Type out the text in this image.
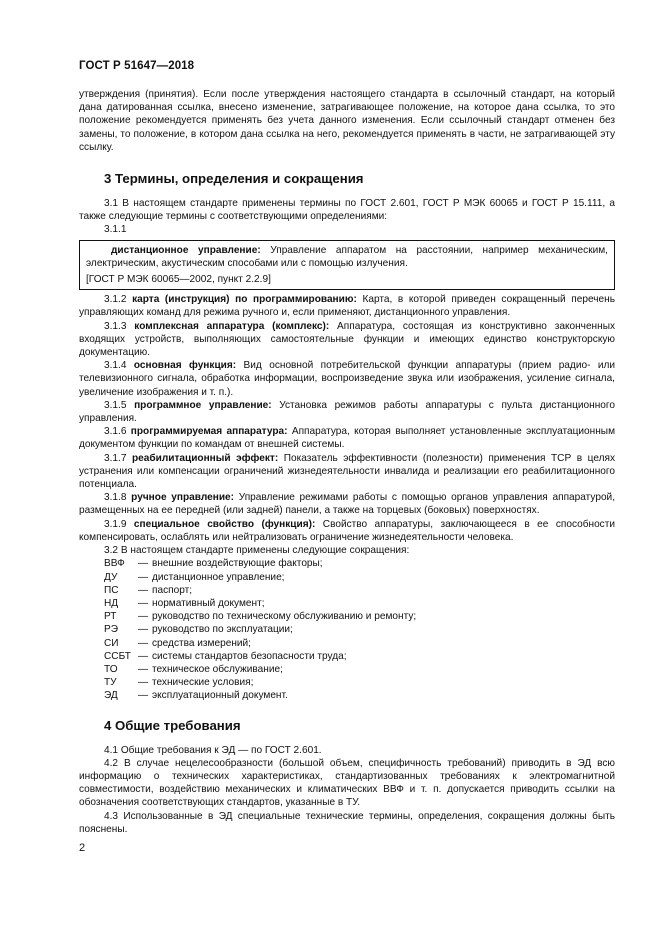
ГОСТ Р 51647—2018

утверждения (принятия). Если после утверждения настоящего стандарта в ссылочный стандарт, на который дана датированная ссылка, внесено изменение, затрагивающее положение, на которое дана ссылка, то это положение рекомендуется применять без учета данного изменения. Если ссылочный стандарт отменен без замены, то положение, в котором дана ссылка на него, рекомендуется применять в части, не затрагивающей эту ссылку.

3 Термины, определения и сокращения

3.1 В настоящем стандарте применены термины по ГОСТ 2.601, ГОСТ Р МЭК 60065 и ГОСТ Р 15.111, а также следующие термины с соответствующими определениями:

3.1.1

дистанционное управление: Управление аппаратом на расстоянии, например механическим, электрическим, акустическим способами или с помощью излучения.

[ГОСТ Р МЭК 60065—2002, пункт 2.2.9]

3.1.2 карта (инструкция) по программированию: Карта, в которой приведен сокращенный перечень управляющих команд для режима ручного и, если применяют, дистанционного управления.

3.1.3 комплексная аппаратура (комплекс): Аппаратура, состоящая из конструктивно законченных входящих устройств, выполняющих самостоятельные функции и имеющих единство конструкторскую документацию.

3.1.4 основная функция: Вид основной потребительской функции аппаратуры (прием радио- или телевизионного сигнала, обработка информации, воспроизведение звука или изображения, усиление сигнала, увеличение изображения и т. п.).

3.1.5 программное управление: Установка режимов работы аппаратуры с пульта дистанционного управления.

3.1.6 программируемая аппаратура: Аппаратура, которая выполняет установленные эксплуатационным документом функции по командам от внешней системы.

3.1.7 реабилитационный эффект: Показатель эффективности (полезности) применения ТСР в целях устранения или компенсации ограничений жизнедеятельности инвалида и реализации его реабилитационного потенциала.

3.1.8 ручное управление: Управление режимами работы с помощью органов управления аппаратурой, размещенных на ее передней (или задней) панели, а также на торцевых (боковых) поверхностях.

3.1.9 специальное свойство (функция): Свойство аппаратуры, заключающееся в ее способности компенсировать, ослаблять или нейтрализовать ограничение жизнедеятельности человека.

3.2 В настоящем стандарте применены следующие сокращения:

ВВФ	— внешние воздействующие факторы;
ДУ	— дистанционное управление;
ПС	— паспорт;
НД	— нормативный документ;
РТ	— руководство по техническому обслуживанию и ремонту;
РЭ	— руководство по эксплуатации;
СИ	— средства измерений;
ССБТ — системы стандартов безопасности труда;
ТО	— техническое обслуживание;
ТУ	— технические условия;
ЭД	— эксплуатационный документ.
4 Общие требования

4.1 Общие требования к ЭД — по ГОСТ 2.601.

4.2 В случае нецелесообразности (большой объем, специфичность требований) приводить в ЭД всю информацию о технических характеристиках, стандартизованных требованиях к электромагнитной совместимости, воздействию механических и климатических ВВФ и т. п. допускается приводить ссылки на обозначения соответствующих стандартов, указанные в ТУ.

4.3 Использованные в ЭД специальные технические термины, определения, сокращения должны быть пояснены.

2
